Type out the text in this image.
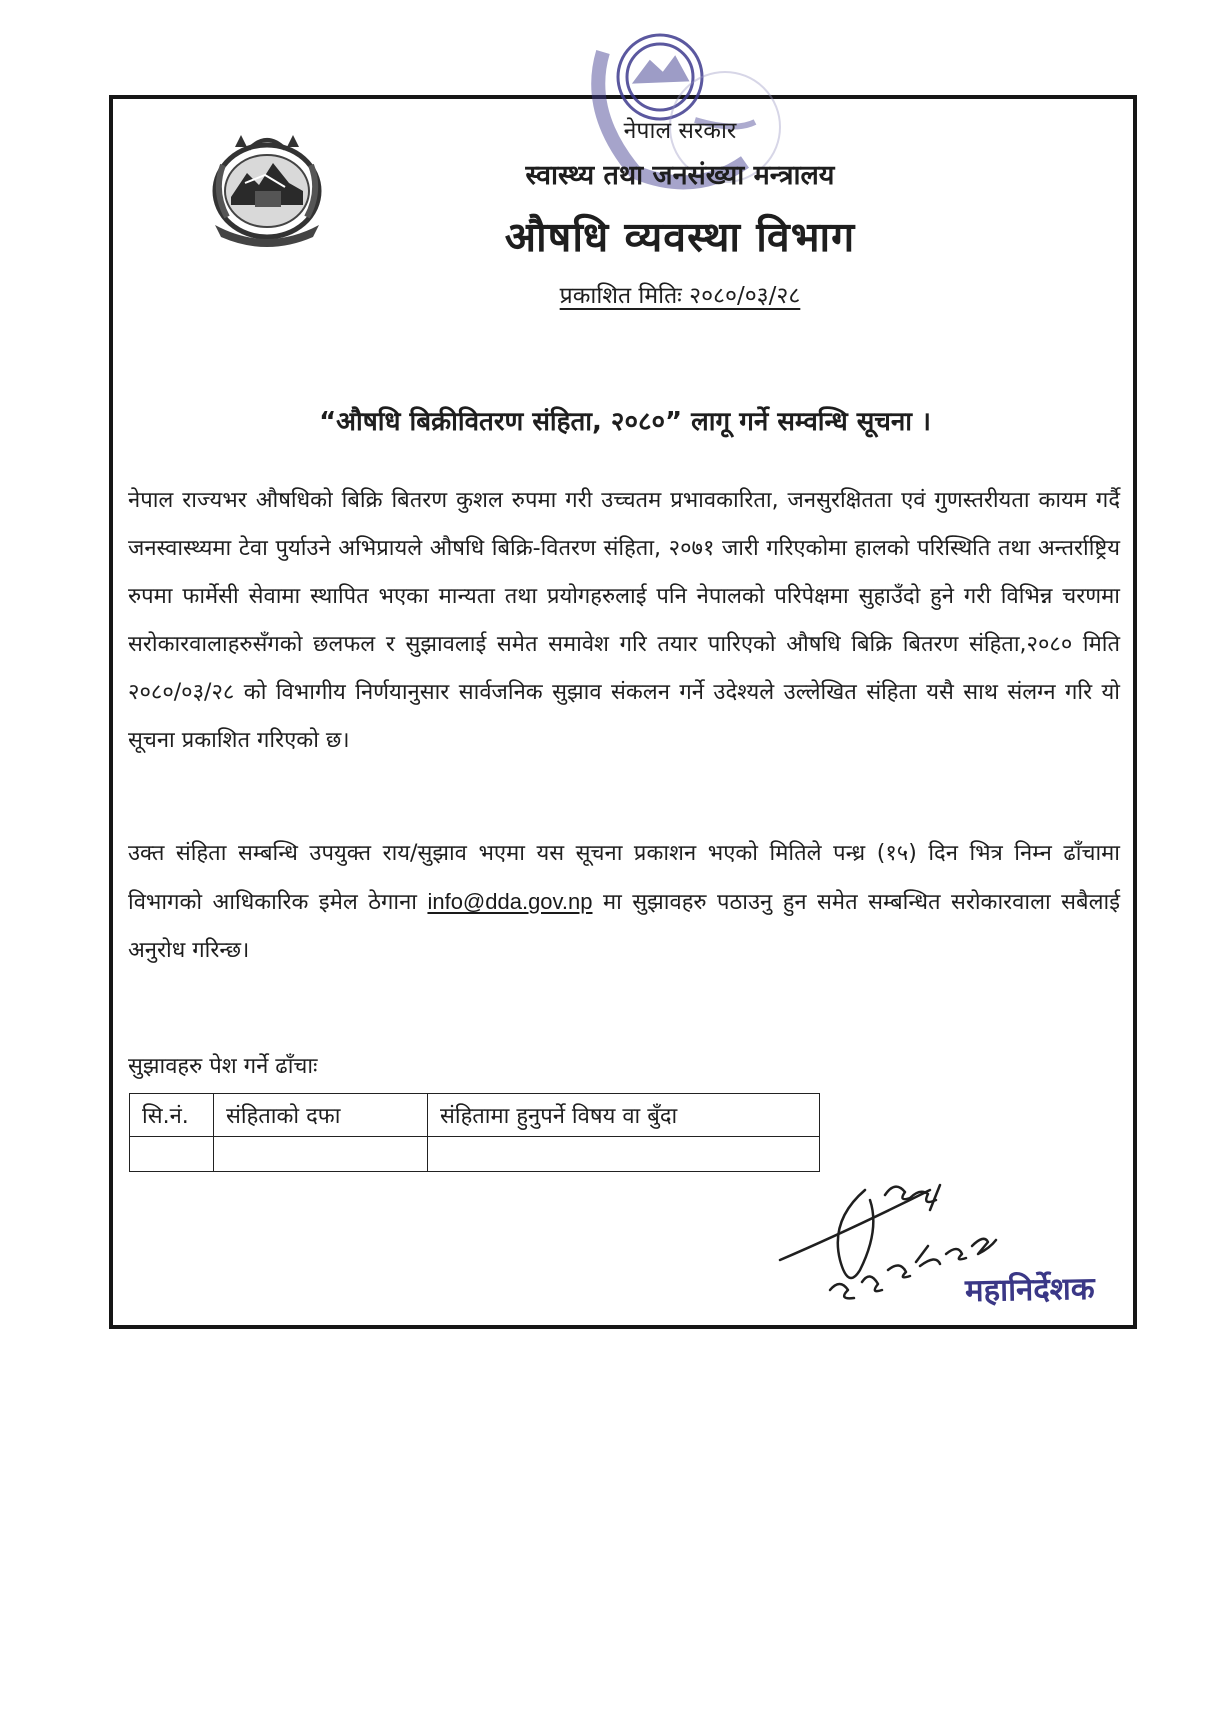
नेपाल सरकार
स्वास्थ्य तथा जनसंख्या मन्त्रालय
औषधि व्यवस्था विभाग
प्रकाशित मितिः २०८०/०३/२८
“औषधि बिक्रीवितरण संहिता, २०८०” लागू गर्ने सम्वन्धि सूचना ।

नेपाल राज्यभर औषधिको बिक्रि बितरण कुशल रुपमा गरी उच्चतम प्रभावकारिता, जनसुरक्षितता एवं गुणस्तरीयता कायम गर्दै जनस्वास्थ्यमा टेवा पुर्याउने अभिप्रायले औषधि बिक्रि-वितरण संहिता, २०७१ जारी गरिएकोमा हालको परिस्थिति तथा अन्तर्राष्ट्रिय रुपमा फार्मेसी सेवामा स्थापित भएका मान्यता तथा प्रयोगहरुलाई पनि नेपालको परिपेक्षमा सुहाउँदो हुने गरी विभिन्न चरणमा सरोकारवालाहरुसँगको छलफल र सुझावलाई समेत समावेश गरि तयार पारिएको औषधि बिक्रि बितरण संहिता,२०८० मिति २०८०/०३/२८ को विभागीय निर्णयानुसार सार्वजनिक सुझाव संकलन गर्ने उदेश्यले उल्लेखित संहिता यसै साथ संलग्न गरि यो सूचना प्रकाशित गरिएको छ।

उक्त संहिता सम्बन्धि उपयुक्त राय/सुझाव भएमा यस सूचना प्रकाशन भएको मितिले पन्ध्र (१५) दिन भित्र निम्न ढाँचामा विभागको आधिकारिक इमेल ठेगाना info@dda.gov.np मा सुझावहरु पठाउनु हुन समेत सम्बन्धित सरोकारवाला सबैलाई अनुरोध गरिन्छ।

सुझावहरु पेश गर्ने ढाँचाः
सि.नं.	संहिताको दफा	संहितामा हुनुपर्ने विषय वा बुँदा

महानिर्देशक
